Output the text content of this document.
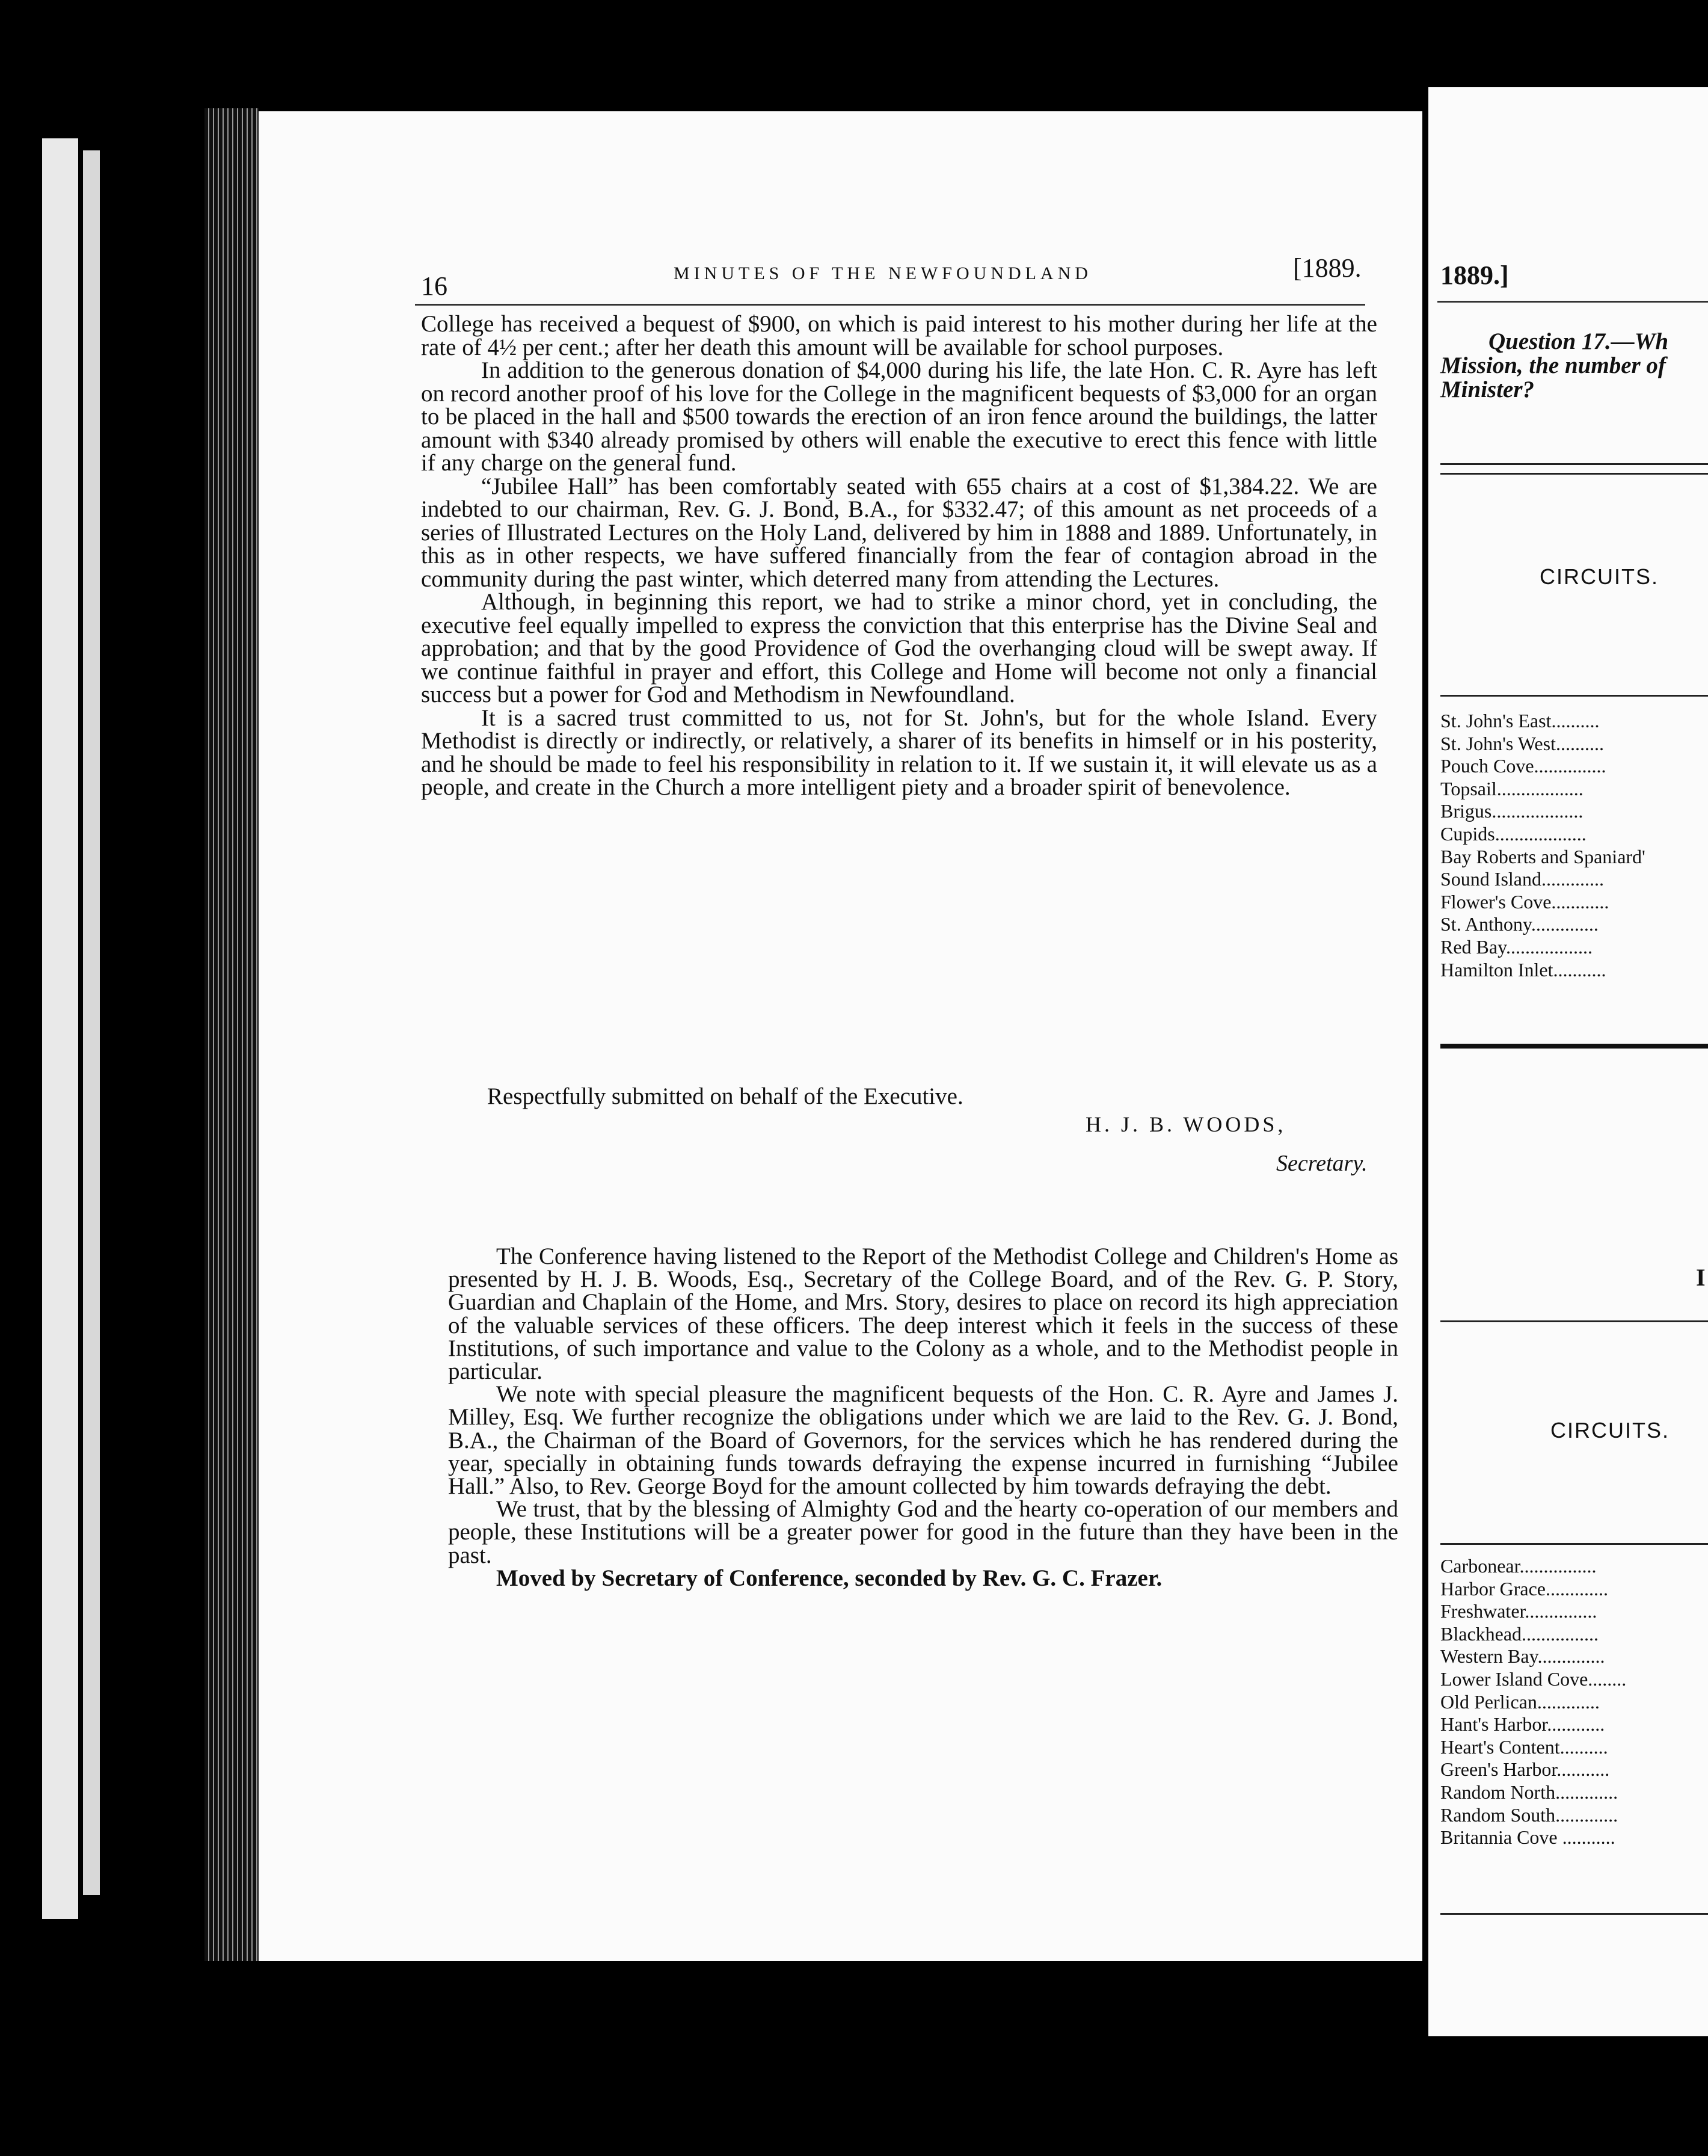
16	MINUTES OF THE NEWFOUNDLAND	[1889.

College has received a bequest of $900, on which is paid interest to his mother during her life at the rate of 4½ per cent.; after her death this amount will be available for school purposes.

In addition to the generous donation of $4,000 during his life, the late Hon. C. R. Ayre has left on record another proof of his love for the College in the magnificent bequests of $3,000 for an organ to be placed in the hall and $500 towards the erection of an iron fence around the buildings, the latter amount with $340 already promised by others will enable the executive to erect this fence with little if any charge on the general fund.

“Jubilee Hall” has been comfortably seated with 655 chairs at a cost of $1,384.22. We are indebted to our chairman, Rev. G. J. Bond, B.A., for $332.47; of this amount as net proceeds of a series of Illustrated Lectures on the Holy Land, delivered by him in 1888 and 1889. Unfortunately, in this as in other respects, we have suffered financially from the fear of contagion abroad in the community during the past winter, which deterred many from attending the Lectures.

Although, in beginning this report, we had to strike a minor chord, yet in concluding, the executive feel equally impelled to express the conviction that this enterprise has the Divine Seal and approbation; and that by the good Providence of God the overhanging cloud will be swept away. If we continue faithful in prayer and effort, this College and Home will become not only a financial success but a power for God and Methodism in Newfoundland.

It is a sacred trust committed to us, not for St. John's, but for the whole Island. Every Methodist is directly or indirectly, or relatively, a sharer of its benefits in himself or in his posterity, and he should be made to feel his responsibility in relation to it. If we sustain it, it will elevate us as a people, and create in the Church a more intelligent piety and a broader spirit of benevolence.

Respectfully submitted on behalf of the Executive.
H. J. B. WOODS,
Secretary.

The Conference having listened to the Report of the Methodist College and Children's Home as presented by H. J. B. Woods, Esq., Secretary of the College Board, and of the Rev. G. P. Story, Guardian and Chaplain of the Home, and Mrs. Story, desires to place on record its high appreciation of the valuable services of these officers. The deep interest which it feels in the success of these Institutions, of such importance and value to the Colony as a whole, and to the Methodist people in particular.

We note with special pleasure the magnificent bequests of the Hon. C. R. Ayre and James J. Milley, Esq. We further recognize the obligations under which we are laid to the Rev. G. J. Bond, B.A., the Chairman of the Board of Governors, for the services which he has rendered during the year, specially in obtaining funds towards defraying the expense incurred in furnishing “Jubilee Hall.” Also, to Rev. George Boyd for the amount collected by him towards defraying the debt.

We trust, that by the blessing of Almighty God and the hearty co-operation of our members and people, these Institutions will be a greater power for good in the future than they have been in the past.

Moved by Secretary of Conference, seconded by Rev. G. C. Frazer.

1889.]
Question 17.—Wh Mission, the number of Minister?
CIRCUITS.
St. John's East..........
St. John's West..........
Pouch Cove...............
Topsail..................
Brigus...................
Cupids...................
Bay Roberts and Spaniard'
Sound Island.............
Flower's Cove............
St. Anthony..............
Red Bay..................
Hamilton Inlet...........
I
CIRCUITS.
Carbonear................
Harbor Grace.............
Freshwater...............
Blackhead................
Western Bay..............
Lower Island Cove........
Old Perlican.............
Hant's Harbor............
Heart's Content..........
Green's Harbor...........
Random North.............
Random South.............
Britannia Cove ...........
